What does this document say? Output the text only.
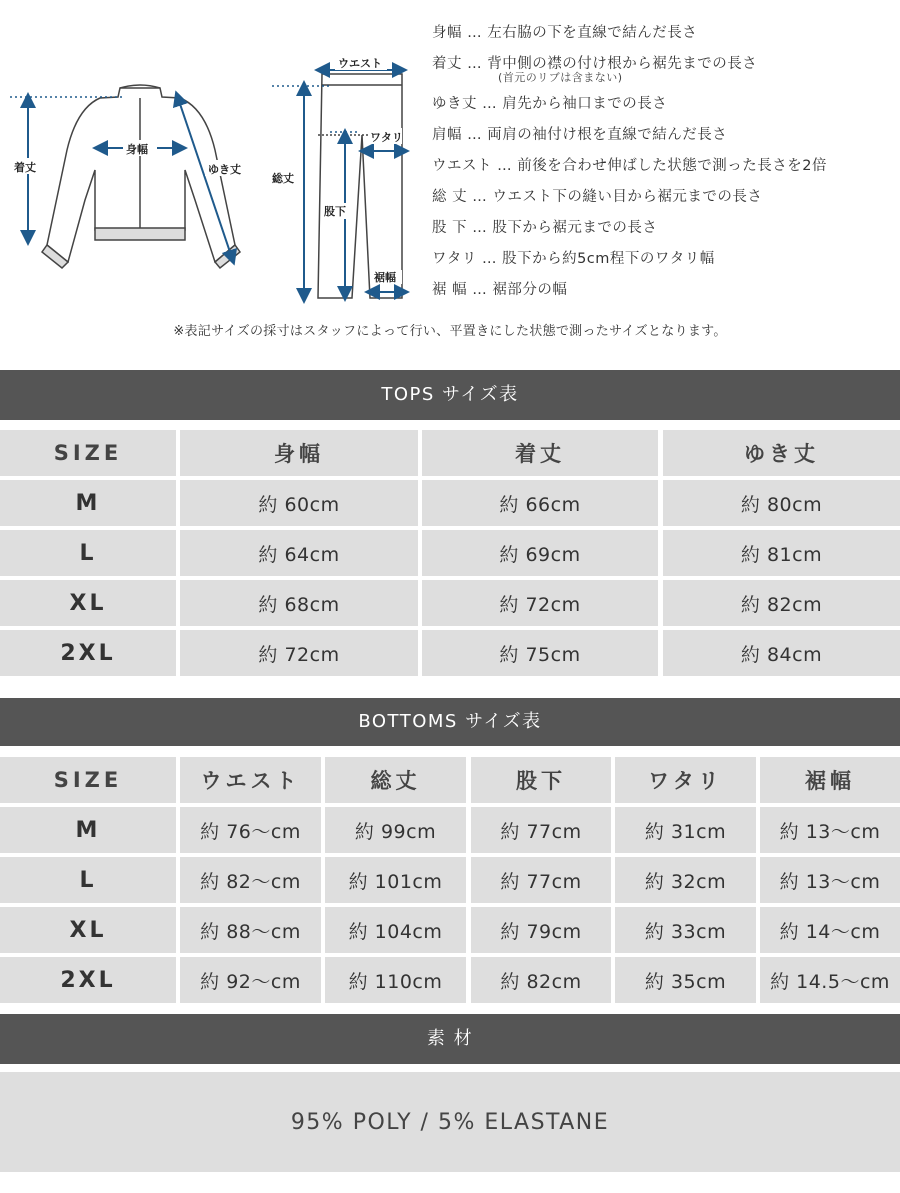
着丈
身幅
ゆき丈
ウエスト
総丈
ワタリ
股下
裾幅
身幅 … 左右脇の下を直線で結んだ長さ
着丈 … 背中側の襟の付け根から裾先までの長さ
(首元のリブは含まない)
ゆき丈 … 肩先から袖口までの長さ
肩幅 … 両肩の袖付け根を直線で結んだ長さ
ウエスト … 前後を合わせ伸ばした状態で測った長さを2倍
総 丈 … ウエスト下の縫い目から裾元までの長さ
股 下 … 股下から裾元までの長さ
ワタリ … 股下から約5cm程下のワタリ幅
裾 幅 … 裾部分の幅
※表記サイズの採寸はスタッフによって行い、平置きにした状態で測ったサイズとなります。
TOPS サイズ表
SIZE	身幅	着丈	ゆき丈
M	約 60cm	約 66cm	約 80cm
L	約 64cm	約 69cm	約 81cm
XL	約 68cm	約 72cm	約 82cm
2XL	約 72cm	約 75cm	約 84cm
BOTTOMS サイズ表
SIZE	ウエスト	総丈	股下	ワタリ	裾幅
M	約 76～cm	約 99cm	約 77cm	約 31cm	約 13～cm
L	約 82～cm	約 101cm	約 77cm	約 32cm	約 13～cm
XL	約 88～cm	約 104cm	約 79cm	約 33cm	約 14～cm
2XL	約 92～cm	約 110cm	約 82cm	約 35cm	約 14.5～cm
素 材
95% POLY / 5% ELASTANE
